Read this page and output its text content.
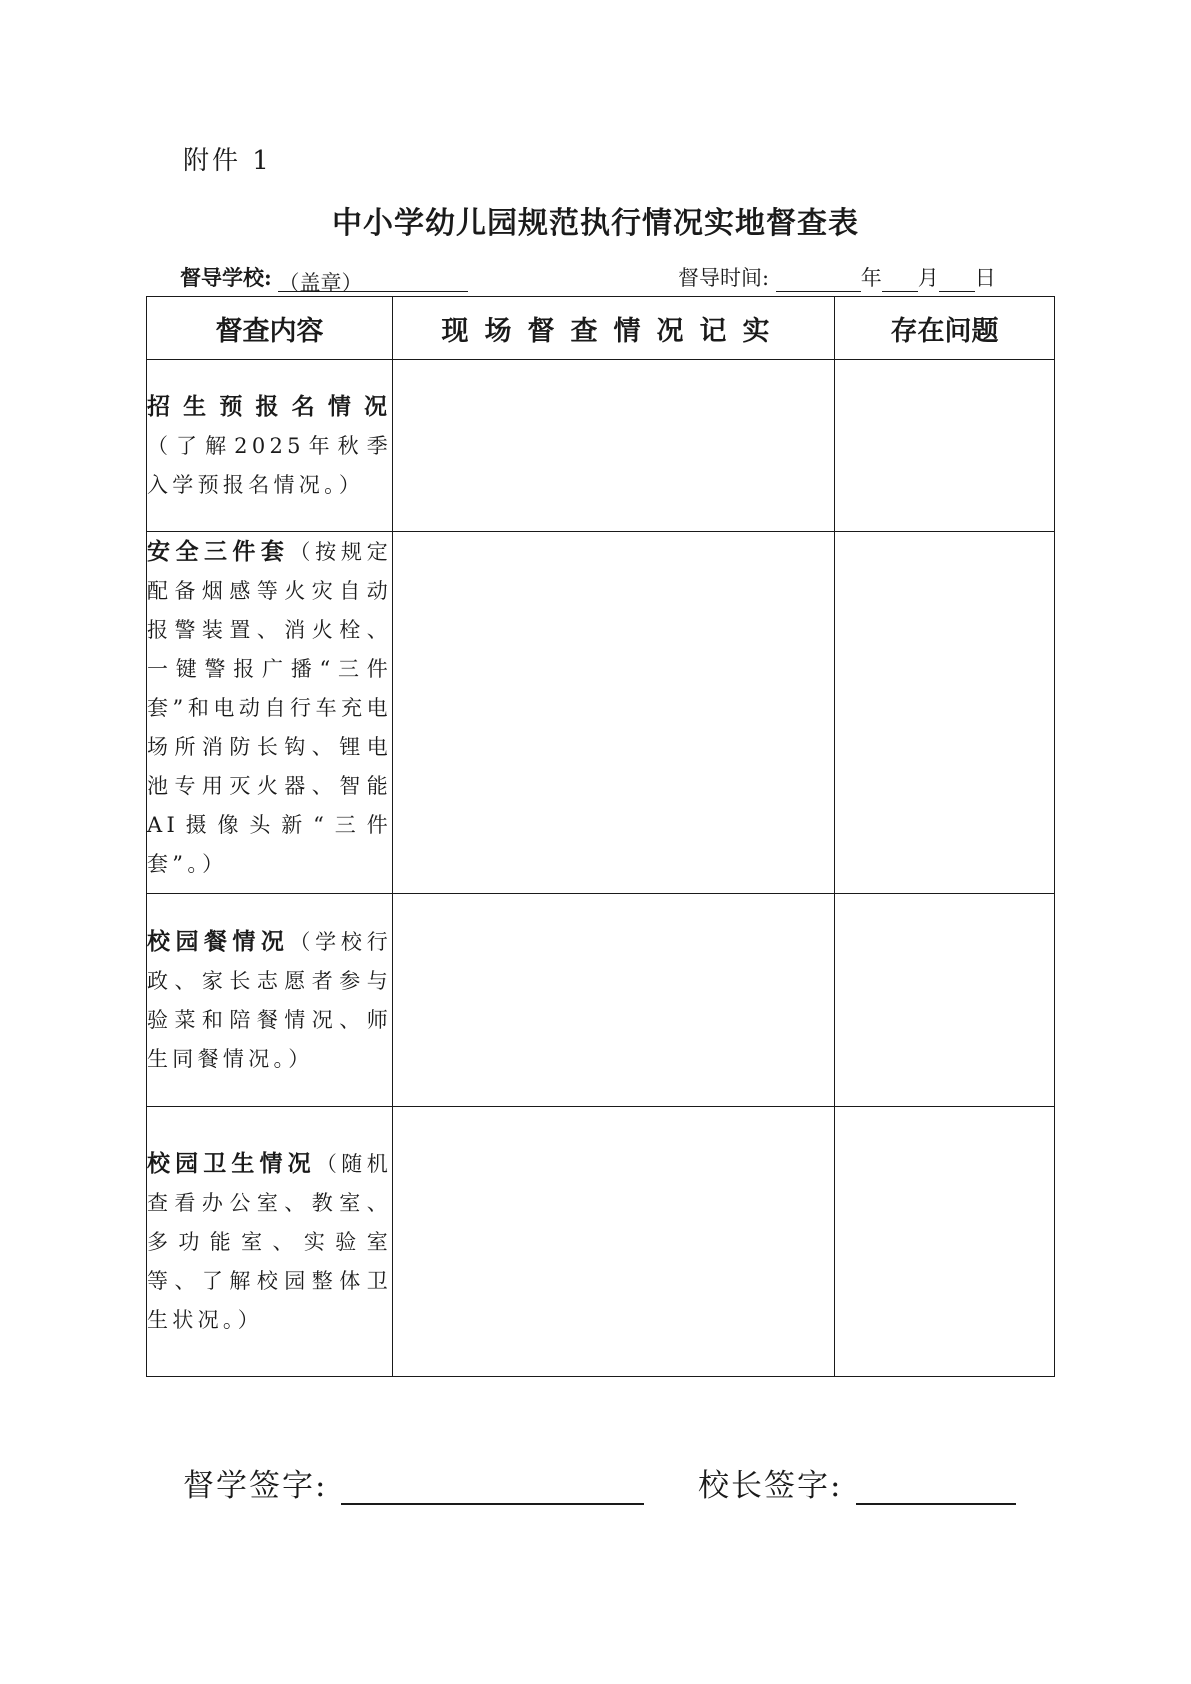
附件 1
中小学幼儿园规范执行情况实地督查表
督导学校: （盖章）	督导时间:	年 月 日
督查内容	现场督查情况记实	存在问题
招生预报名情况（了解2025年秋季入学预报名情况。）		
安全三件套（按规定配备烟感等火灾自动报警装置、消火栓、一键警报广播“三件套”和电动自行车充电场所消防长钩、锂电池专用灭火器、智能AI摄像头新“三件套”。）		
校园餐情况（学校行政、家长志愿者参与验菜和陪餐情况、师生同餐情况。）		
校园卫生情况（随机查看办公室、教室、多功能室、实验室等、了解校园整体卫生状况。）		
督学签字:	校长签字:
